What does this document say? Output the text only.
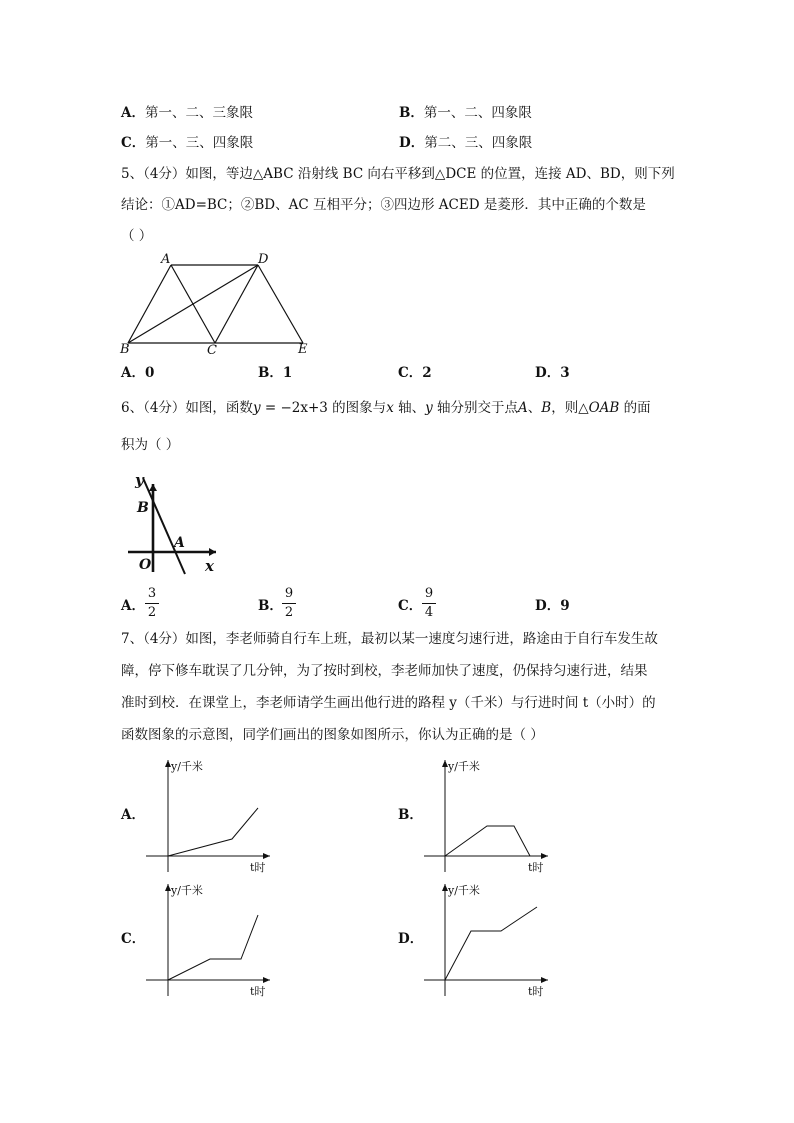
A．第一、二、三象限	B．第一、二、四象限
C．第一、三、四象限	D．第二、三、四象限
5、（4分）如图，等边△ABC 沿射线 BC 向右平移到△DCE 的位置，连接 AD、BD，则下列
结论：①AD=BC；②BD、AC 互相平分；③四边形 ACED 是菱形．其中正确的个数是
（ ）
A	D
B	C	E
A．0	B．1	C．2	D．3
6、（4分）如图，函数y = −2x+3 的图象与x 轴、y 轴分别交于点A、B，则△OAB 的面
积为（ ）
y
B
A
O	x
A．
3
2	B．
9
2	C．
9
4	D．9
7、（4分）如图，李老师骑自行车上班，最初以某一速度匀速行进，路途由于自行车发生故
障，停下修车耽误了几分钟，为了按时到校，李老师加快了速度，仍保持匀速行进，结果
准时到校．在课堂上，李老师请学生画出他行进的路程 y（千米）与行进时间 t（小时）的
函数图象的示意图，同学们画出的图象如图所示，你认为正确的是（ ）
A．	B．
C．	D．
y/千米
t时
y/千米
t时
y/千米
t时
y/千米
t时
